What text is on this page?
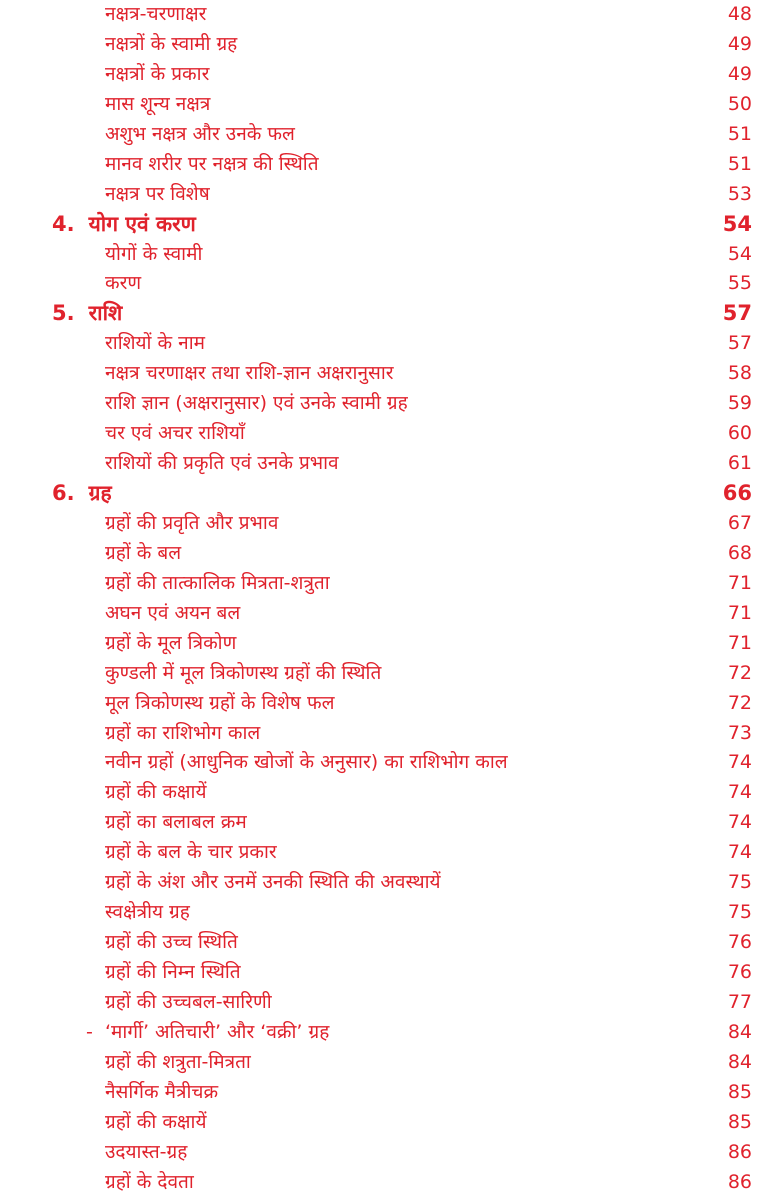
नक्षत्र-चरणाक्षर	48
नक्षत्रों के स्वामी ग्रह	49
नक्षत्रों के प्रकार	49
मास शून्य नक्षत्र	50
अशुभ नक्षत्र और उनके फल	51
मानव शरीर पर नक्षत्र की स्थिति	51
नक्षत्र पर विशेष	53
4. योग एवं करण	54
योगों के स्वामी	54
करण	55
5. राशि	57
राशियों के नाम	57
नक्षत्र चरणाक्षर तथा राशि-ज्ञान अक्षरानुसार	58
राशि ज्ञान (अक्षरानुसार) एवं उनके स्वामी ग्रह	59
चर एवं अचर राशियाँ	60
राशियों की प्रकृति एवं उनके प्रभाव	61
6. ग्रह	66
ग्रहों की प्रवृति और प्रभाव	67
ग्रहों के बल	68
ग्रहों की तात्कालिक मित्रता-शत्रुता	71
अघन एवं अयन बल	71
ग्रहों के मूल त्रिकोण	71
कुण्डली में मूल त्रिकोणस्थ ग्रहों की स्थिति	72
मूल त्रिकोणस्थ ग्रहों के विशेष फल	72
ग्रहों का राशिभोग काल	73
नवीन ग्रहों (आधुनिक खोजों के अनुसार) का राशिभोग काल	74
ग्रहों की कक्षायें	74
ग्रहों का बलाबल क्रम	74
ग्रहों के बल के चार प्रकार	74
ग्रहों के अंश और उनमें उनकी स्थिति की अवस्थायें	75
स्वक्षेत्रीय ग्रह	75
ग्रहों की उच्च स्थिति	76
ग्रहों की निम्न स्थिति	76
ग्रहों की उच्चबल-सारिणी	77
- ‘मार्गी’ अतिचारी’ और ‘वक्री’ ग्रह	84
ग्रहों की शत्रुता-मित्रता	84
नैसर्गिक मैत्रीचक्र	85
ग्रहों की कक्षायें	85
उदयास्त-ग्रह	86
ग्रहों के देवता	86
